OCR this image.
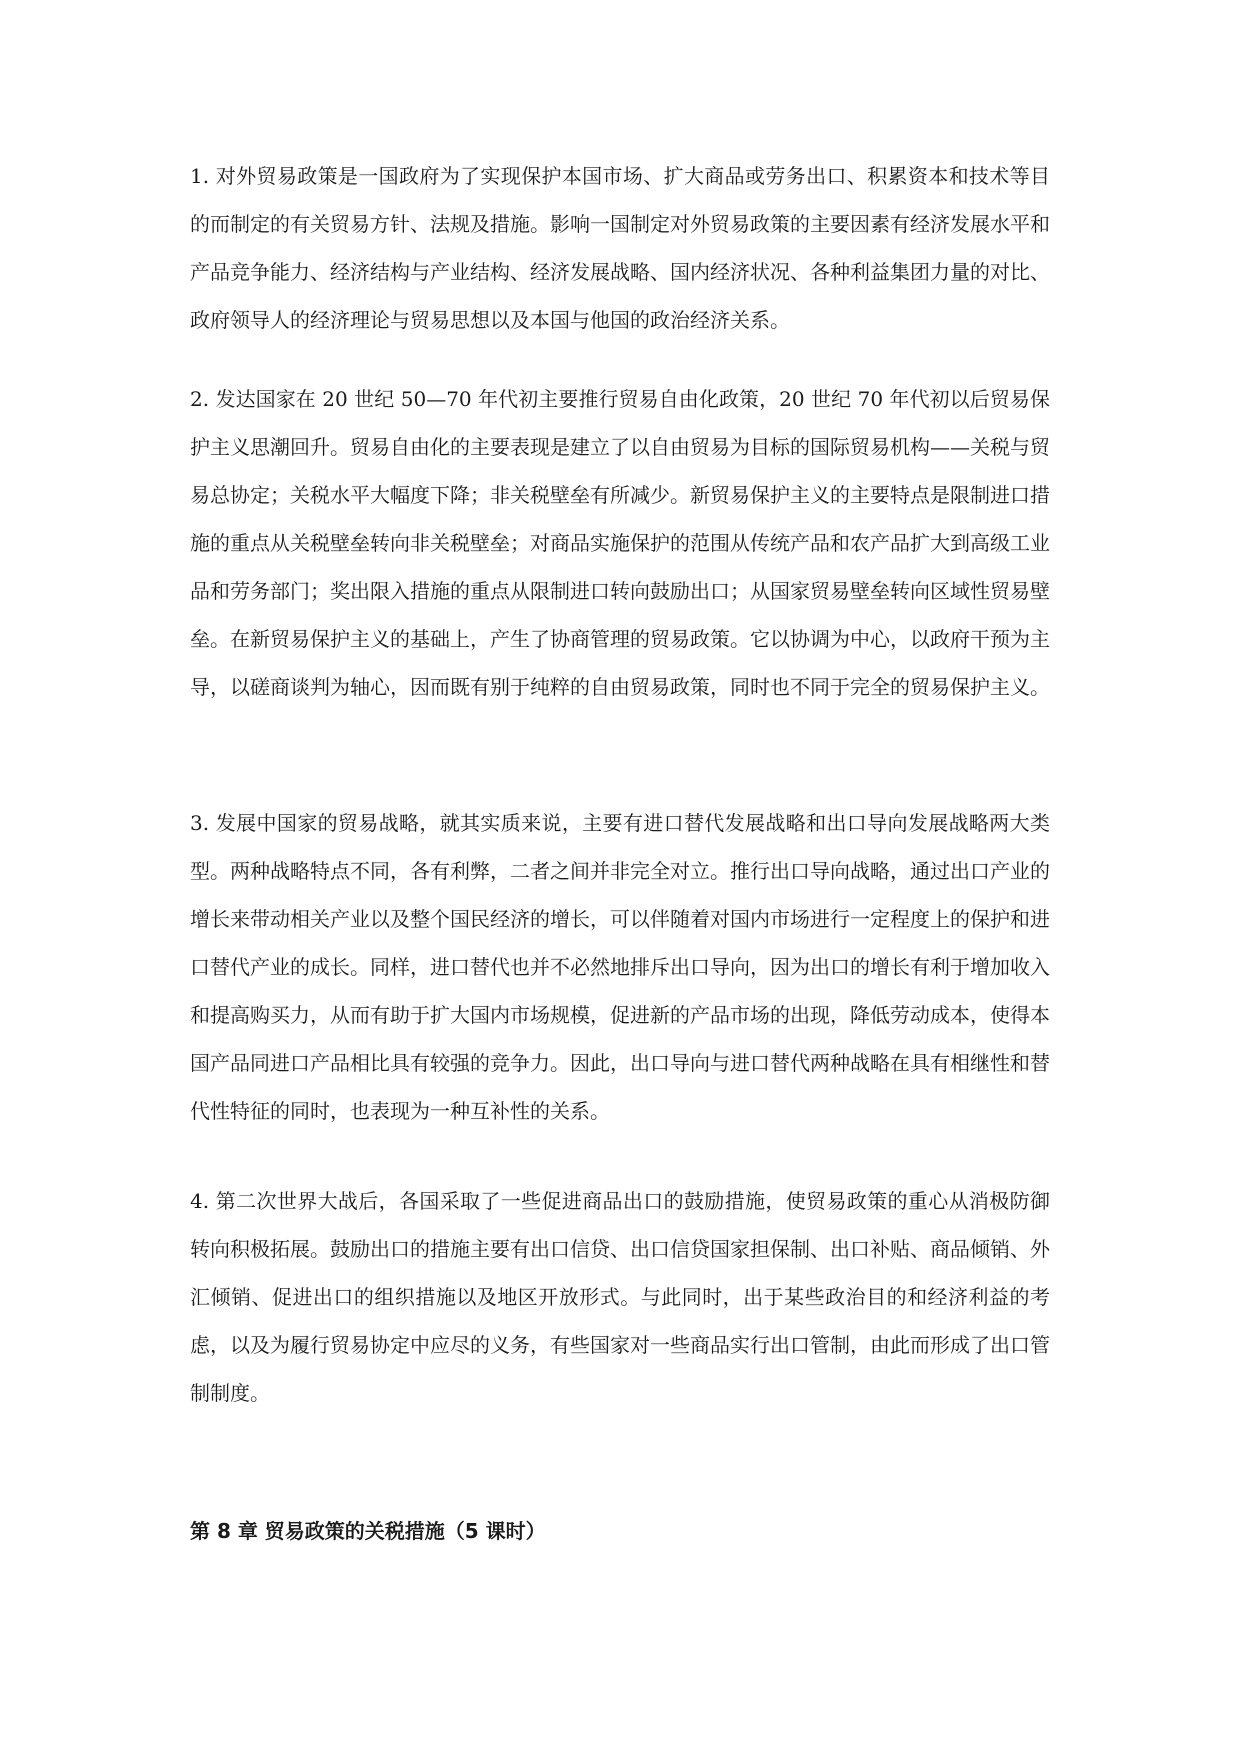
1. 对外贸易政策是一国政府为了实现保护本国市场、扩大商品或劳务出口、积累资本和技术等目的而制定的有关贸易方针、法规及措施。影响一国制定对外贸易政策的主要因素有经济发展水平和产品竞争能力、经济结构与产业结构、经济发展战略、国内经济状况、各种利益集团力量的对比、政府领导人的经济理论与贸易思想以及本国与他国的政治经济关系。

2. 发达国家在 20 世纪 50—70 年代初主要推行贸易自由化政策，20 世纪 70 年代初以后贸易保护主义思潮回升。贸易自由化的主要表现是建立了以自由贸易为目标的国际贸易机构——关税与贸易总协定；关税水平大幅度下降；非关税壁垒有所减少。新贸易保护主义的主要特点是限制进口措施的重点从关税壁垒转向非关税壁垒；对商品实施保护的范围从传统产品和农产品扩大到高级工业品和劳务部门；奖出限入措施的重点从限制进口转向鼓励出口；从国家贸易壁垒转向区域性贸易壁垒。在新贸易保护主义的基础上，产生了协商管理的贸易政策。它以协调为中心，以政府干预为主导，以磋商谈判为轴心，因而既有别于纯粹的自由贸易政策，同时也不同于完全的贸易保护主义。

3. 发展中国家的贸易战略，就其实质来说，主要有进口替代发展战略和出口导向发展战略两大类型。两种战略特点不同，各有利弊，二者之间并非完全对立。推行出口导向战略，通过出口产业的增长来带动相关产业以及整个国民经济的增长，可以伴随着对国内市场进行一定程度上的保护和进口替代产业的成长。同样，进口替代也并不必然地排斥出口导向，因为出口的增长有利于增加收入和提高购买力，从而有助于扩大国内市场规模，促进新的产品市场的出现，降低劳动成本，使得本国产品同进口产品相比具有较强的竞争力。因此，出口导向与进口替代两种战略在具有相继性和替代性特征的同时，也表现为一种互补性的关系。

4. 第二次世界大战后，各国采取了一些促进商品出口的鼓励措施，使贸易政策的重心从消极防御转向积极拓展。鼓励出口的措施主要有出口信贷、出口信贷国家担保制、出口补贴、商品倾销、外汇倾销、促进出口的组织措施以及地区开放形式。与此同时，出于某些政治目的和经济利益的考虑，以及为履行贸易协定中应尽的义务，有些国家对一些商品实行出口管制，由此而形成了出口管制制度。

第 8 章 贸易政策的关税措施（5 课时）
